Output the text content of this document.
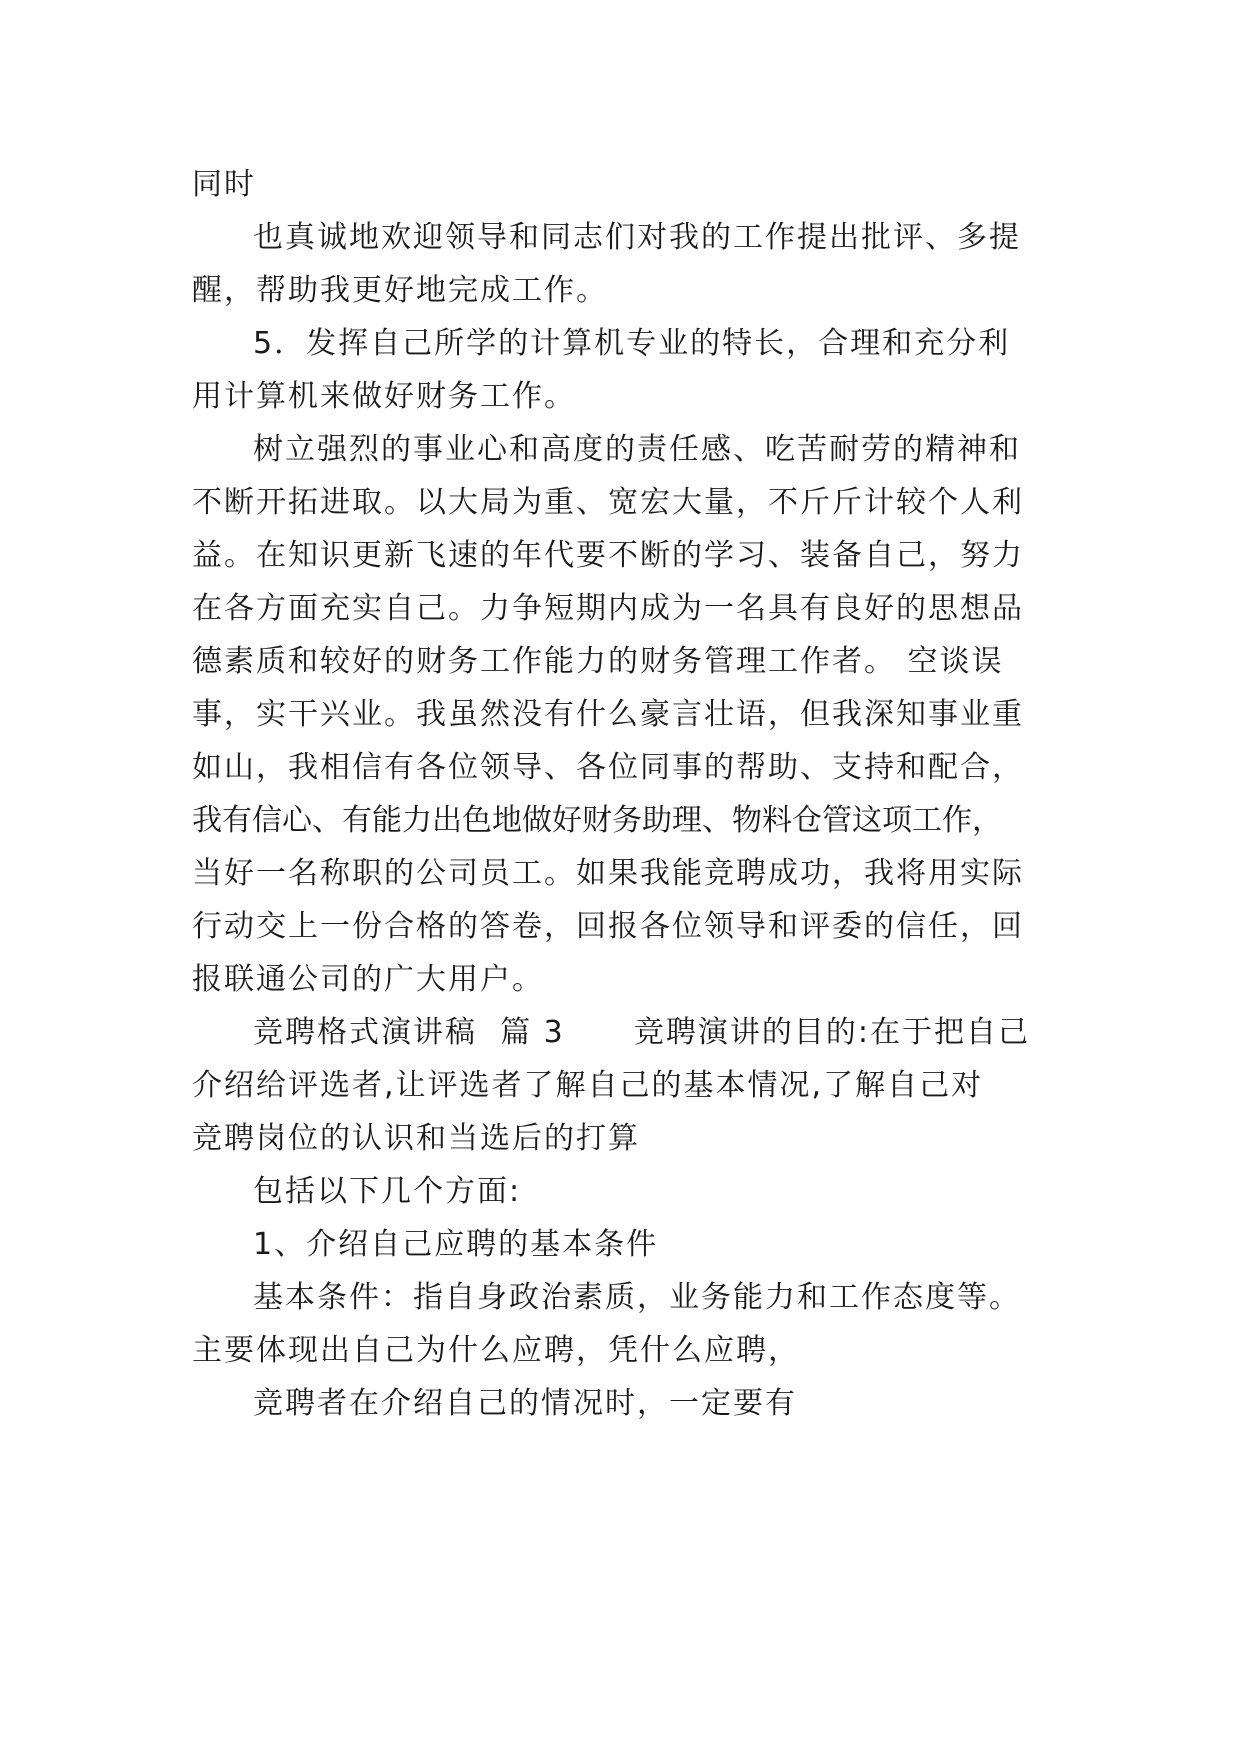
同时
也真诚地欢迎领导和同志们对我的工作提出批评、多提
醒，帮助我更好地完成工作。
5．发挥自己所学的计算机专业的特长，合理和充分利
用计算机来做好财务工作。
树立强烈的事业心和高度的责任感、吃苦耐劳的精神和
不断开拓进取。以大局为重、宽宏大量，不斤斤计较个人利
益。在知识更新飞速的年代要不断的学习、装备自己，努力
在各方面充实自己。力争短期内成为一名具有良好的思想品
德素质和较好的财务工作能力的财务管理工作者。 空谈误
事，实干兴业。我虽然没有什么豪言壮语，但我深知事业重
如山，我相信有各位领导、各位同事的帮助、支持和配合，
我有信心、有能力出色地做好财务助理、物料仓管这项工作，
当好一名称职的公司员工。如果我能竞聘成功，我将用实际
行动交上一份合格的答卷，回报各位领导和评委的信任，回
报联通公司的广大用户。
竞聘格式演讲稿  篇 3      竞聘演讲的目的:在于把自己
介绍给评选者,让评选者了解自己的基本情况,了解自己对
竞聘岗位的认识和当选后的打算
包括以下几个方面:
1、介绍自己应聘的基本条件
基本条件：指自身政治素质，业务能力和工作态度等。
主要体现出自己为什么应聘，凭什么应聘，
竞聘者在介绍自己的情况时，一定要有
